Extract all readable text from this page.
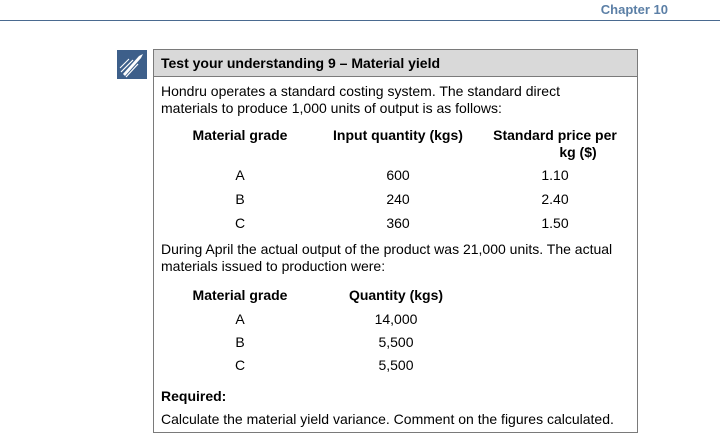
Chapter 10
Test your understanding 9 – Material yield
Hondru operates a standard costing system. The standard direct
materials to produce 1,000 units of output is as follows:
Material grade	Input quantity (kgs)	Standard price per
kg ($)
A	600	1.10
B	240	2.40
C	360	1.50
During April the actual output of the product was 21,000 units. The actual
materials issued to production were:
Material grade	Quantity (kgs)
A	14,000
B	5,500
C	5,500
Required:
Calculate the material yield variance. Comment on the figures calculated.
